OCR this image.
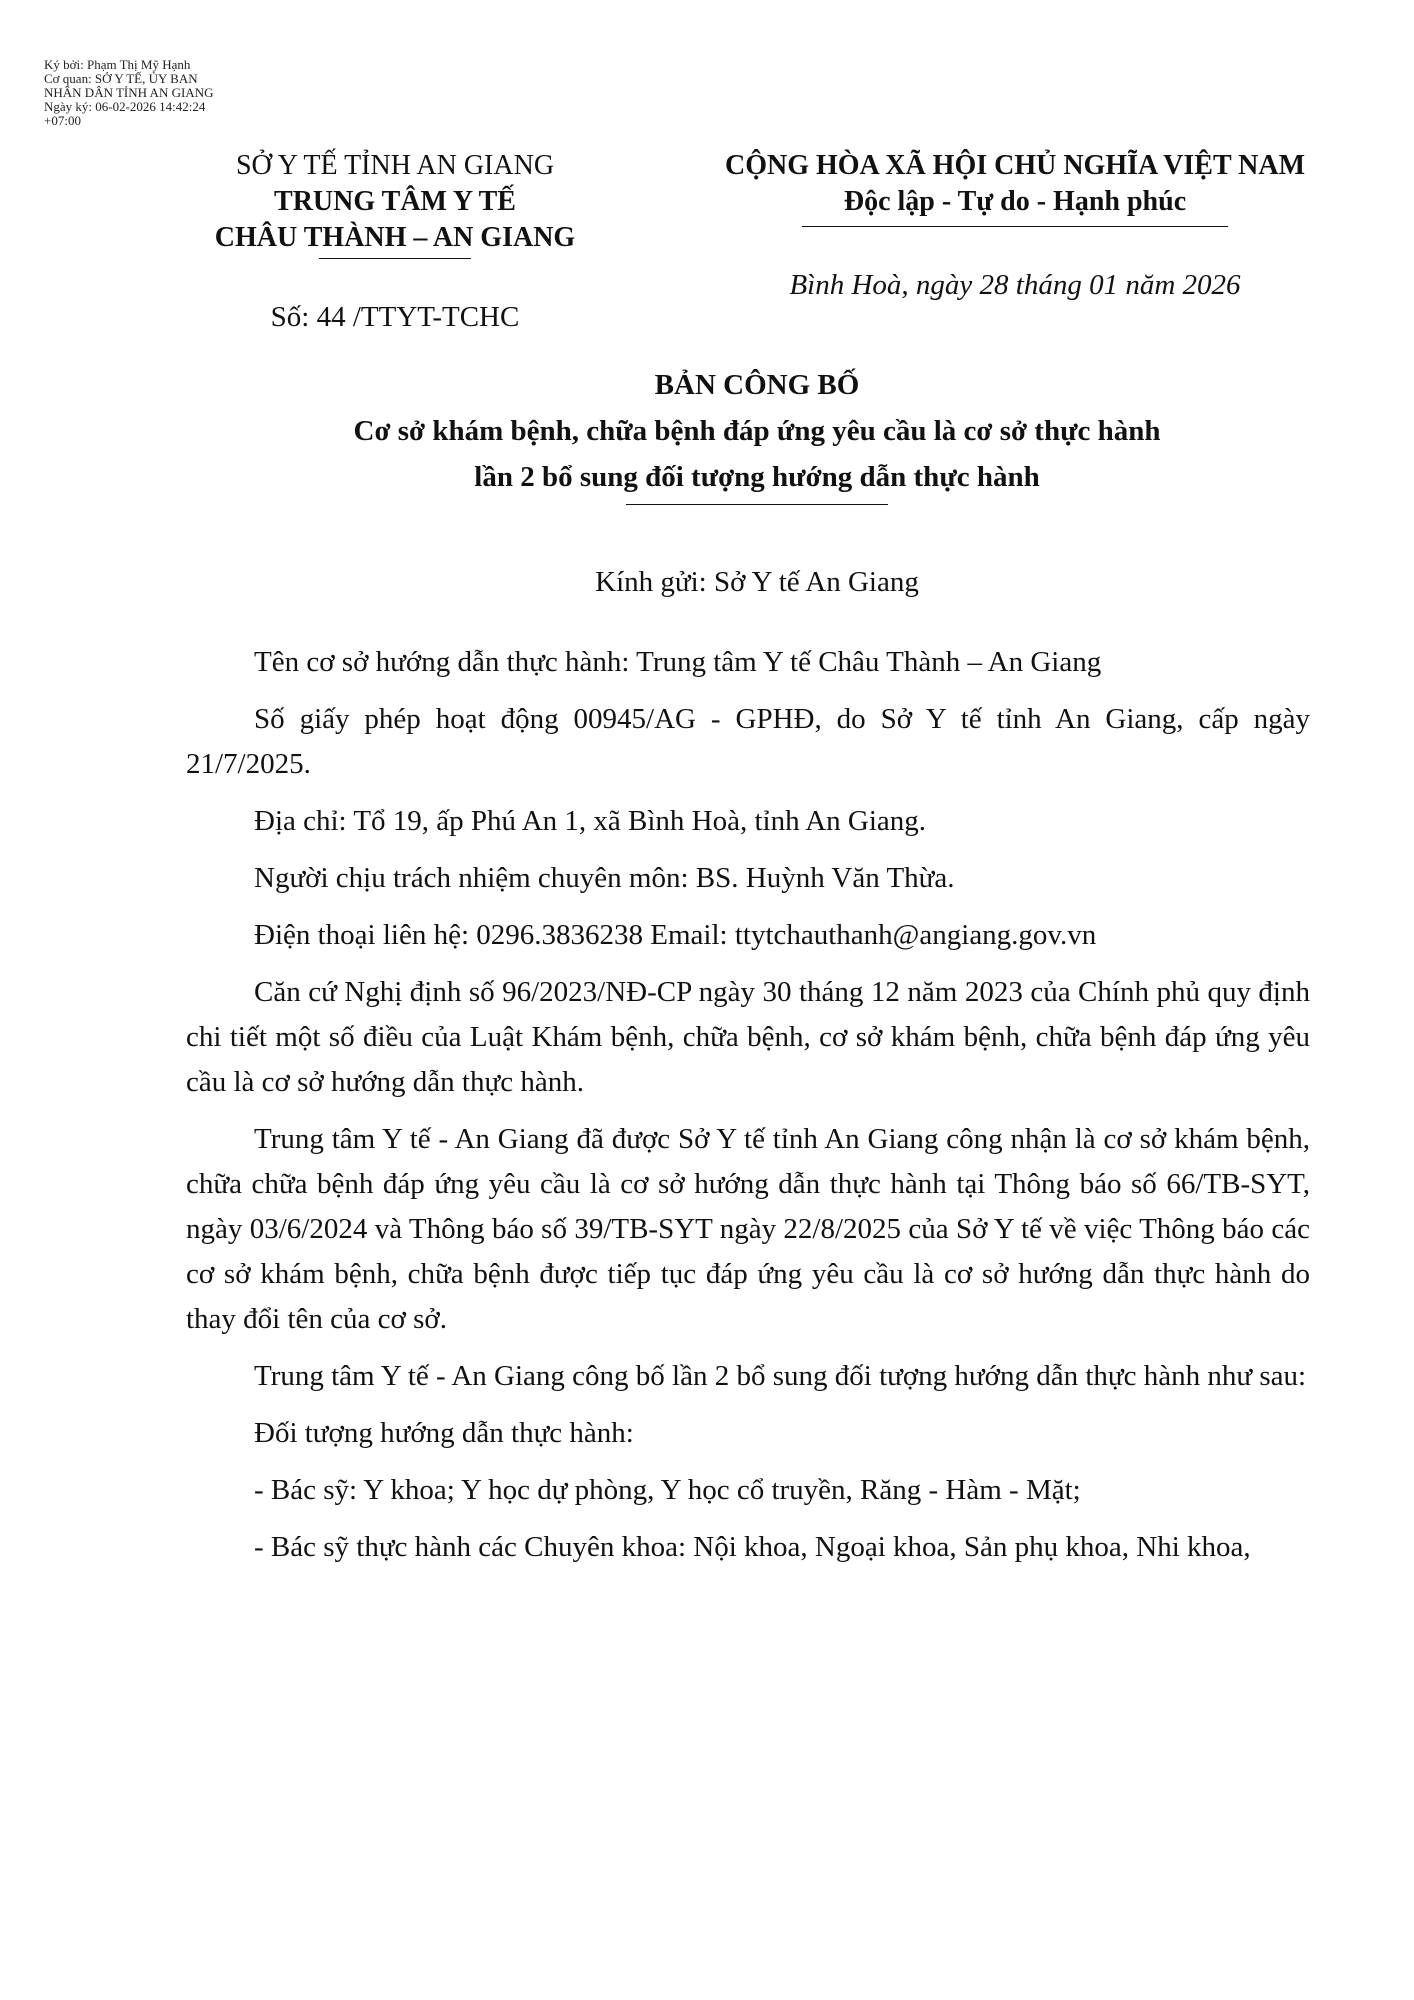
Ký bởi: Phạm Thị Mỹ Hạnh
Cơ quan: SỞ Y TẾ, ỦY BAN
NHÂN DÂN TỈNH AN GIANG
Ngày ký: 06-02-2026 14:42:24
+07:00
SỞ Y TẾ TỈNH AN GIANG
TRUNG TÂM Y TẾ
CHÂU THÀNH – AN GIANG
Số: 44 /TTYT-TCHC
CỘNG HÒA XÃ HỘI CHỦ NGHĨA VIỆT NAM
Độc lập - Tự do - Hạnh phúc
Bình Hoà, ngày 28 tháng 01 năm 2026
BẢN CÔNG BỐ
Cơ sở khám bệnh, chữa bệnh đáp ứng yêu cầu là cơ sở thực hành
lần 2 bổ sung đối tượng hướng dẫn thực hành
Kính gửi: Sở Y tế An Giang

Tên cơ sở hướng dẫn thực hành: Trung tâm Y tế Châu Thành – An Giang

Số giấy phép hoạt động 00945/AG - GPHĐ, do Sở Y tế tỉnh An Giang, cấp ngày 21/7/2025.

Địa chỉ: Tổ 19, ấp Phú An 1, xã Bình Hoà, tỉnh An Giang.

Người chịu trách nhiệm chuyên môn: BS. Huỳnh Văn Thừa.

Điện thoại liên hệ: 0296.3836238 Email: ttytchauthanh@angiang.gov.vn

Căn cứ Nghị định số 96/2023/NĐ-CP ngày 30 tháng 12 năm 2023 của Chính phủ quy định chi tiết một số điều của Luật Khám bệnh, chữa bệnh, cơ sở khám bệnh, chữa bệnh đáp ứng yêu cầu là cơ sở hướng dẫn thực hành.

Trung tâm Y tế - An Giang đã được Sở Y tế tỉnh An Giang công nhận là cơ sở khám bệnh, chữa chữa bệnh đáp ứng yêu cầu là cơ sở hướng dẫn thực hành tại Thông báo số 66/TB-SYT, ngày 03/6/2024 và Thông báo số 39/TB-SYT ngày 22/8/2025 của Sở Y tế về việc Thông báo các cơ sở khám bệnh, chữa bệnh được tiếp tục đáp ứng yêu cầu là cơ sở hướng dẫn thực hành do thay đổi tên của cơ sở.

Trung tâm Y tế - An Giang công bố lần 2 bổ sung đối tượng hướng dẫn thực hành như sau:

Đối tượng hướng dẫn thực hành:

- Bác sỹ: Y khoa; Y học dự phòng, Y học cổ truyền, Răng - Hàm - Mặt;

- Bác sỹ thực hành các Chuyên khoa: Nội khoa, Ngoại khoa, Sản phụ khoa, Nhi khoa,
